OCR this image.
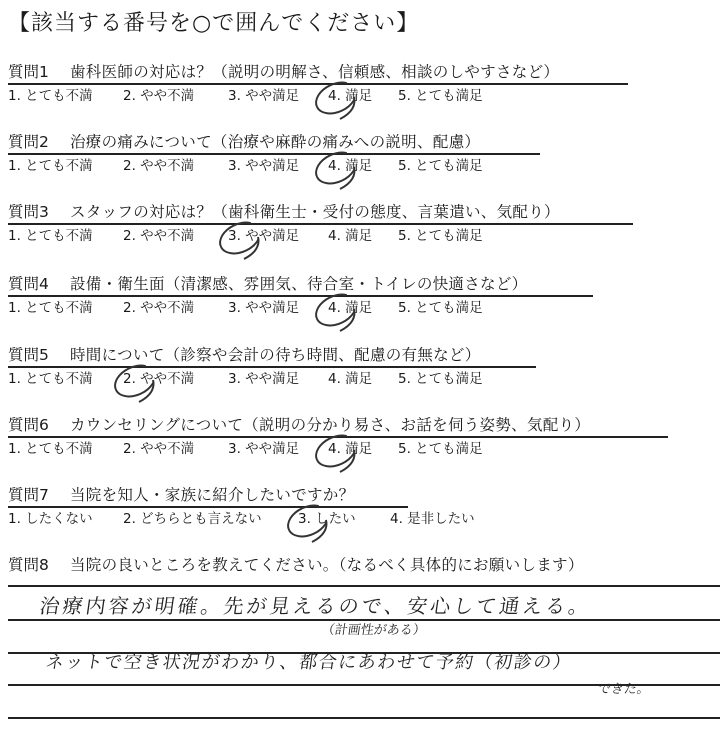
【該当する番号を○で囲んでください】
質問1 歯科医師の対応は？（説明の明解さ、信頼感、相談のしやすさなど）
1. とても不満 2. やや不満	3. やや満足 4. 満足 5. とても満足
質問2 治療の痛みについて（治療や麻酔の痛みへの説明、配慮）
1. とても不満 2. やや不満	3. やや満足 4. 満足 5. とても満足
質問3 スタッフの対応は？（歯科衛生士・受付の態度、言葉遣い、気配り）
1. とても不満 2. やや不満	3. やや満足 4. 満足 5. とても満足
質問4 設備・衛生面（清潔感、雰囲気、待合室・トイレの快適さなど）
1. とても不満 2. やや不満	3. やや満足 4. 満足 5. とても満足
質問5 時間について（診察や会計の待ち時間、配慮の有無など）
1. とても不満 2. やや不満	3. やや満足 4. 満足 5. とても満足
質問6 カウンセリングについて（説明の分かり易さ、お話を伺う姿勢、気配り）
1. とても不満 2. やや不満	3. やや満足 4. 満足 5. とても満足
質問7 当院を知人・家族に紹介したいですか？
1. したくない 2. どちらとも言えない	3. したい	4. 是非したい
質問8 当院の良いところを教えてください。（なるべく具体的にお願いします）
治療内容が明確。先が見えるので、安心して通える。
（計画性がある）
ネットで空き状況がわかり、都合にあわせて予約（初診の）
できた。
